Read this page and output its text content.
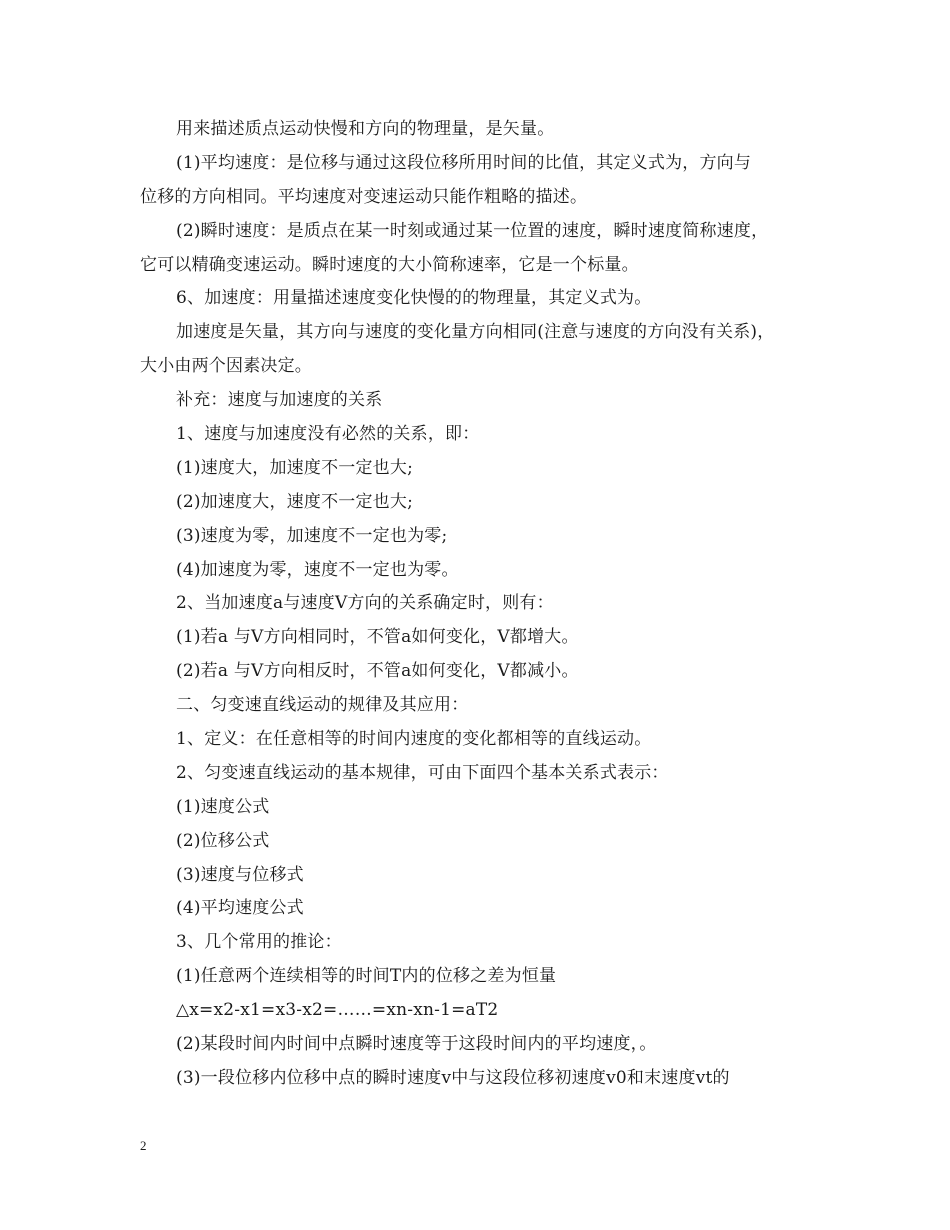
用来描述质点运动快慢和方向的物理量，是矢量。
(1)平均速度：是位移与通过这段位移所用时间的比值，其定义式为，方向与
位移的方向相同。平均速度对变速运动只能作粗略的描述。
(2)瞬时速度：是质点在某一时刻或通过某一位置的速度，瞬时速度简称速度，
它可以精确变速运动。瞬时速度的大小简称速率，它是一个标量。
6、加速度：用量描述速度变化快慢的的物理量，其定义式为。
加速度是矢量，其方向与速度的变化量方向相同(注意与速度的方向没有关系)，
大小由两个因素决定。
补充：速度与加速度的关系
1、速度与加速度没有必然的关系，即：
(1)速度大，加速度不一定也大;
(2)加速度大，速度不一定也大;
(3)速度为零，加速度不一定也为零;
(4)加速度为零，速度不一定也为零。
2、当加速度a与速度V方向的关系确定时，则有：
(1)若a 与V方向相同时，不管a如何变化，V都增大。
(2)若a 与V方向相反时，不管a如何变化，V都减小。
二、匀变速直线运动的规律及其应用：
1、定义：在任意相等的时间内速度的变化都相等的直线运动。
2、匀变速直线运动的基本规律，可由下面四个基本关系式表示：
(1)速度公式
(2)位移公式
(3)速度与位移式
(4)平均速度公式
3、几个常用的推论：
(1)任意两个连续相等的时间T内的位移之差为恒量
△x=x2-x1=x3-x2=……=xn-xn-1=aT2
(2)某段时间内时间中点瞬时速度等于这段时间内的平均速度，。
(3)一段位移内位移中点的瞬时速度v中与这段位移初速度v0和末速度vt的
2
